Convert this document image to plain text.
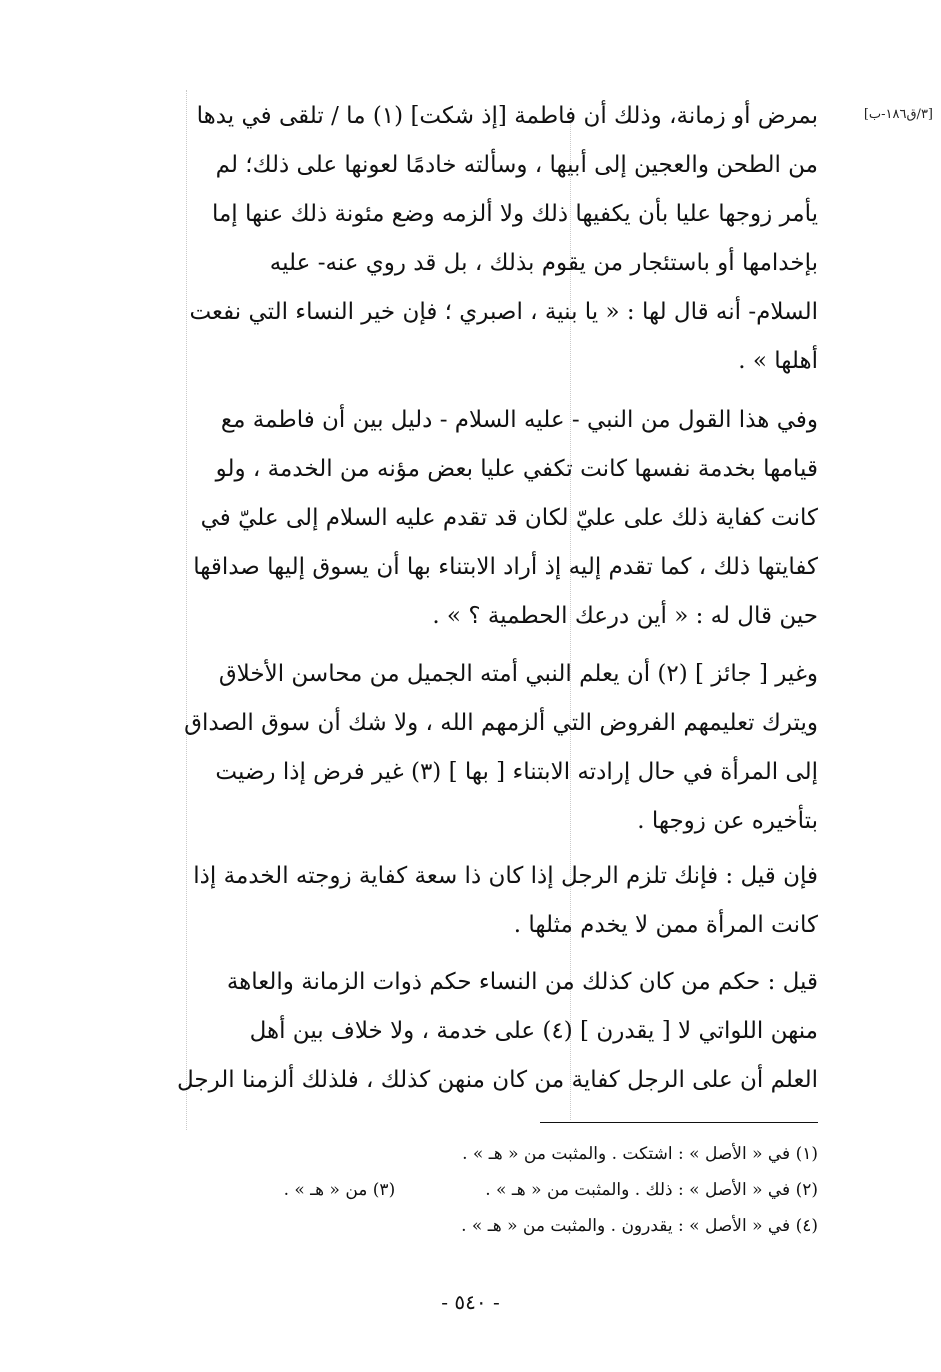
[٣/ق١٨٦-ب]
بمرض أو زمانة، وذلك أن فاطمة [إذ شكت] (١) ما / تلقى في يدها
من الطحن والعجين إلى أبيها ، وسألته خادمًا لعونها على ذلك؛ لم
يأمر زوجها عليا بأن يكفيها ذلك ولا ألزمه وضع مئونة ذلك عنها إما
بإخدامها أو باستئجار من يقوم بذلك ، بل قد روي عنه- عليه
السلام- أنه قال لها : « يا بنية ، اصبري ؛ فإن خير النساء التي نفعت
أهلها » .
وفي هذا القول من النبي - عليه السلام - دليل بين أن فاطمة مع
قيامها بخدمة نفسها كانت تكفي عليا بعض مؤنه من الخدمة ، ولو
كانت كفاية ذلك على عليّ لكان قد تقدم عليه السلام إلى عليّ في
كفايتها ذلك ، كما تقدم إليه إذ أراد الابتناء بها أن يسوق إليها صداقها
حين قال له : « أين درعك الحطمية ؟ » .
وغير [ جائز ] (٢) أن يعلم النبي أمته الجميل من محاسن الأخلاق
ويترك تعليمهم الفروض التي ألزمهم الله ، ولا شك أن سوق الصداق
إلى المرأة في حال إرادته الابتناء [ بها ] (٣) غير فرض إذا رضيت
بتأخيره عن زوجها .
فإن قيل : فإنك تلزم الرجل إذا كان ذا سعة كفاية زوجته الخدمة إذا
كانت المرأة ممن لا يخدم مثلها .
قيل : حكم من كان كذلك من النساء حكم ذوات الزمانة والعاهة
منهن اللواتي لا [ يقدرن ] (٤) على خدمة ، ولا خلاف بين أهل
العلم أن على الرجل كفاية من كان منهن كذلك ، فلذلك ألزمنا الرجل
(١) في « الأصل » : اشتكت . والمثبت من « هـ » .
(٢) في « الأصل » : ذلك . والمثبت من « هـ » .
(٣) من « هـ » .
(٤) في « الأصل » : يقدرون . والمثبت من « هـ » .
- ٥٤٠ -
